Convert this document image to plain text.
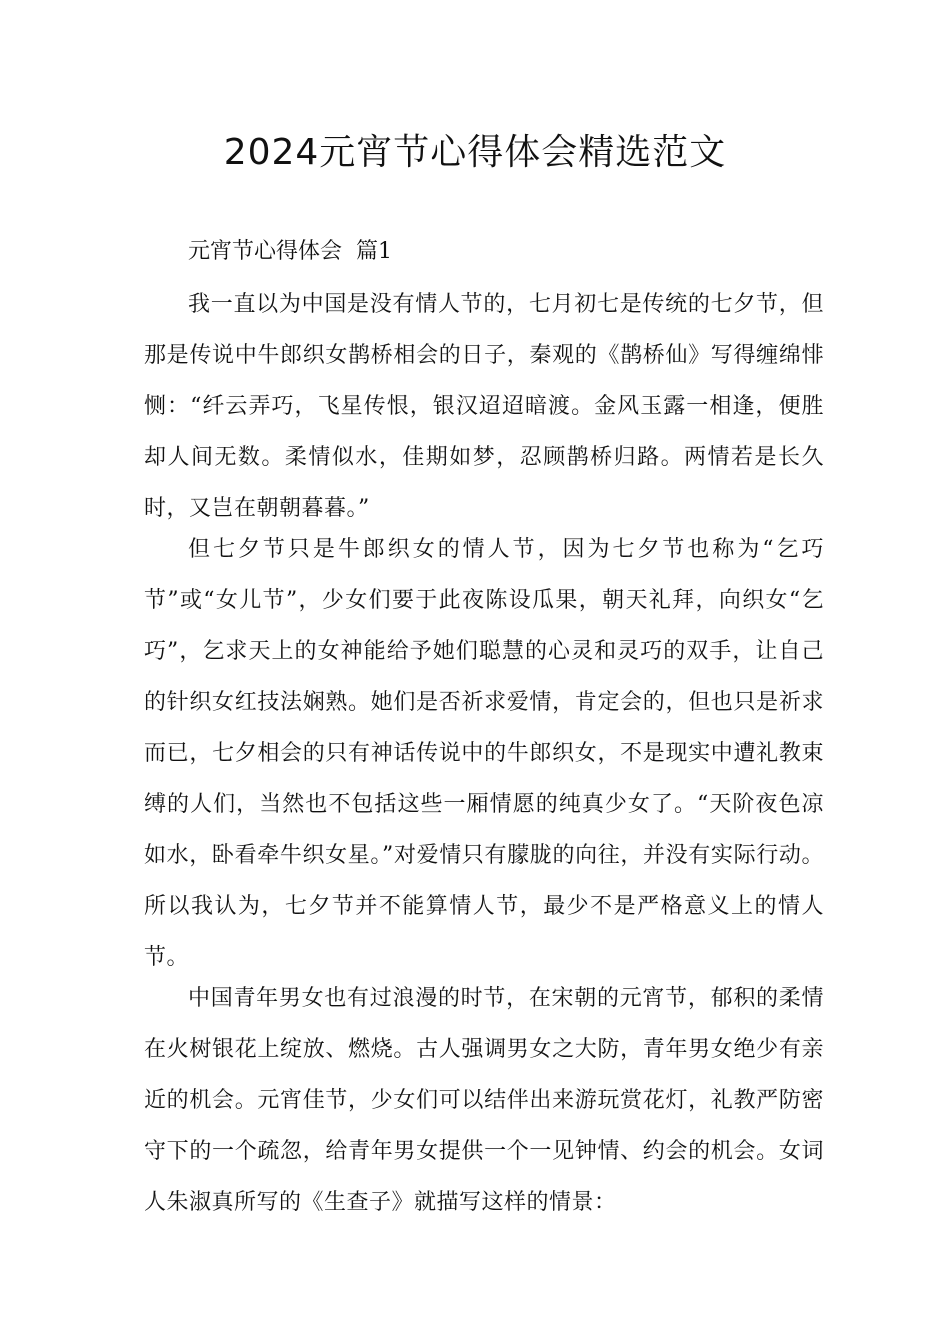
2024元宵节心得体会精选范文
元宵节心得体会  篇1

我一直以为中国是没有情人节的，七月初七是传统的七夕节，但那是传说中牛郎织女鹊桥相会的日子，秦观的《鹊桥仙》写得缠绵悱恻：“纤云弄巧，飞星传恨，银汉迢迢暗渡。金风玉露一相逢，便胜却人间无数。柔情似水，佳期如梦，忍顾鹊桥归路。两情若是长久时，又岂在朝朝暮暮。”

但七夕节只是牛郎织女的情人节，因为七夕节也称为“乞巧节”或“女儿节”，少女们要于此夜陈设瓜果，朝天礼拜，向织女“乞巧”，乞求天上的女神能给予她们聪慧的心灵和灵巧的双手，让自己的针织女红技法娴熟。她们是否祈求爱情，肯定会的，但也只是祈求而已，七夕相会的只有神话传说中的牛郎织女，不是现实中遭礼教束缚的人们，当然也不包括这些一厢情愿的纯真少女了。“天阶夜色凉如水，卧看牵牛织女星。”对爱情只有朦胧的向往，并没有实际行动。所以我认为，七夕节并不能算情人节，最少不是严格意义上的情人节。

中国青年男女也有过浪漫的时节，在宋朝的元宵节，郁积的柔情在火树银花上绽放、燃烧。古人强调男女之大防，青年男女绝少有亲近的机会。元宵佳节，少女们可以结伴出来游玩赏花灯，礼教严防密守下的一个疏忽，给青年男女提供一个一见钟情、约会的机会。女词人朱淑真所写的《生查子》就描写这样的情景：
